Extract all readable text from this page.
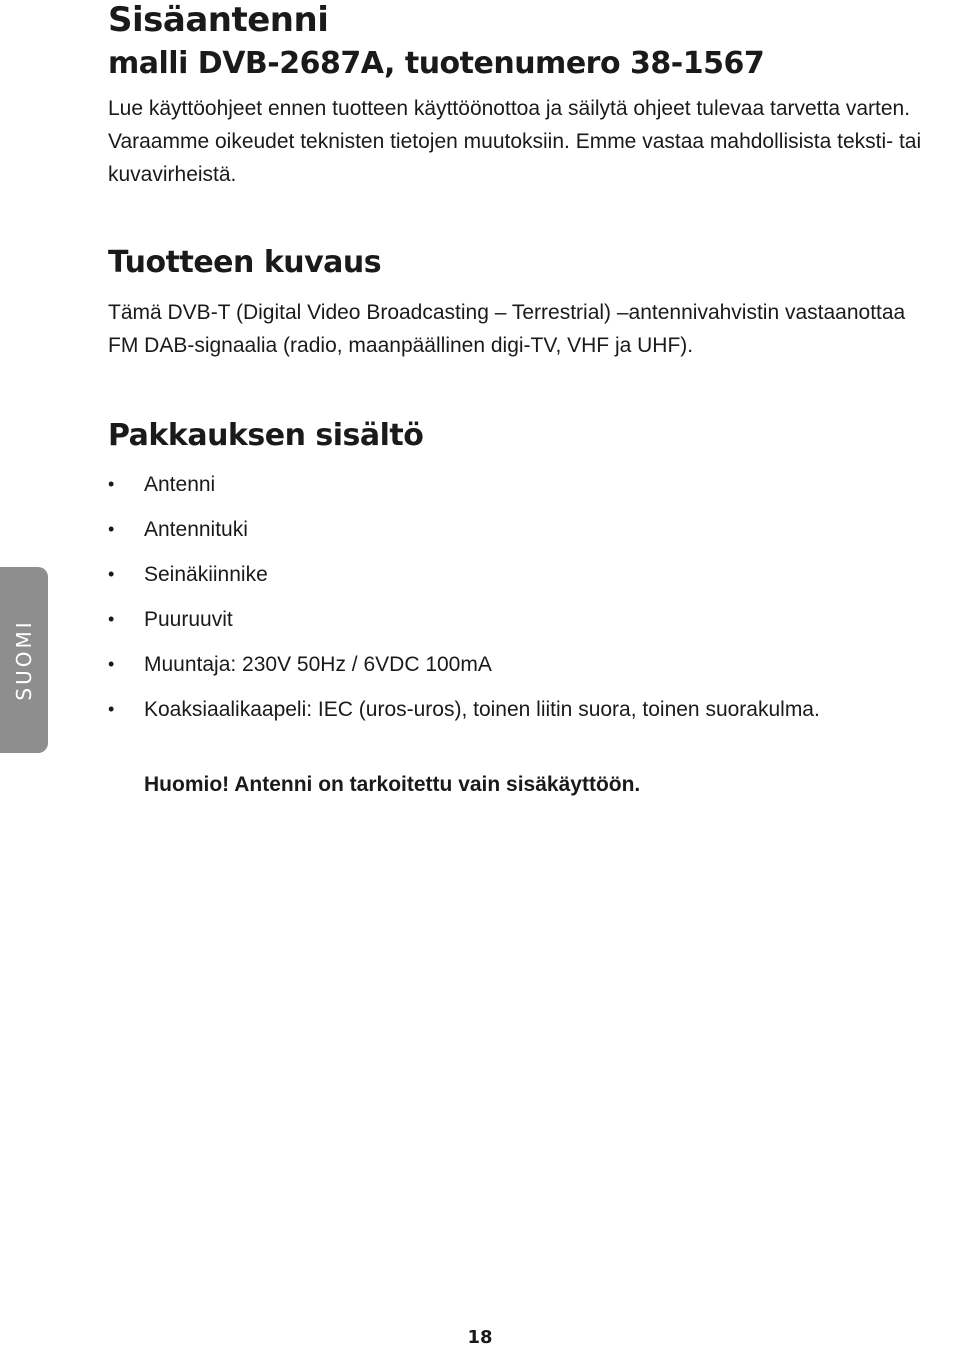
Sisäantenni
malli DVB-2687A, tuotenumero 38-1567

Lue käyttöohjeet ennen tuotteen käyttöönottoa ja säilytä ohjeet tulevaa tarvetta varten. Varaamme oikeudet teknisten tietojen muutoksiin. Emme vastaa mahdollisista teksti- tai kuvavirheistä.

Tuotteen kuvaus

Tämä DVB-T (Digital Video Broadcasting – Terrestrial) –antennivahvistin vastaanottaa FM DAB-signaalia (radio, maanpäällinen digi-TV, VHF ja UHF).

Pakkauksen sisältö
•	Antenni
•	Antennituki
•	Seinäkiinnike
•	Puuruuvit
•	Muuntaja: 230V 50Hz / 6VDC 100mA
•	Koaksiaalikaapeli: IEC (uros-uros), toinen liitin suora, toinen suorakulma.

Huomio! Antenni on tarkoitettu vain sisäkäyttöön.

SUOMI
18
